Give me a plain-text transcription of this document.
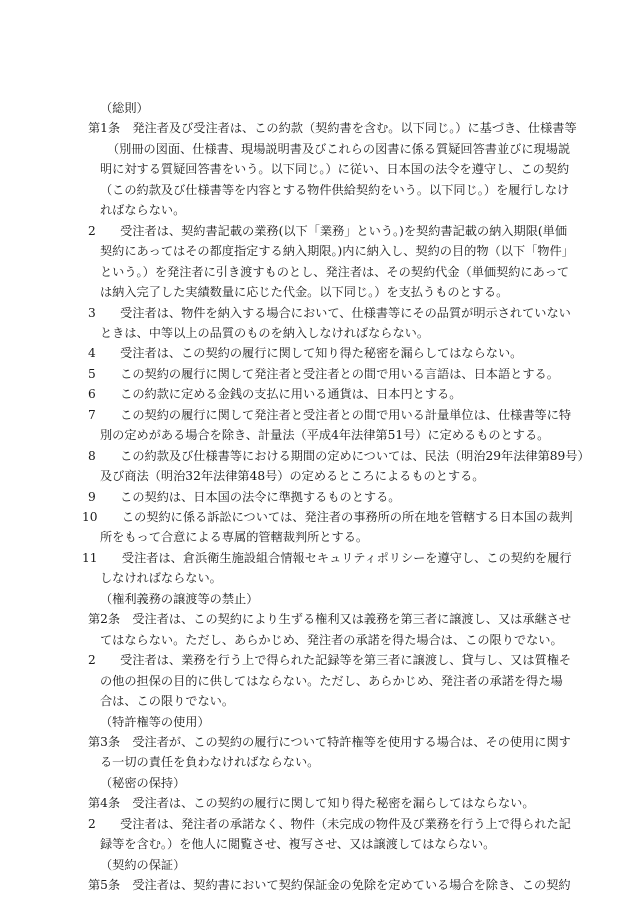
（総則）
第1条　発注者及び受注者は、この約款（契約書を含む。以下同じ。）に基づき、仕様書等
（別冊の図面、仕様書、現場説明書及びこれらの図書に係る質疑回答書並びに現場説
明に対する質疑回答書をいう。以下同じ。）に従い、日本国の法令を遵守し、この契約
（この約款及び仕様書等を内容とする物件供給契約をいう。以下同じ。）を履行しなけ
ればならない。
2　　受注者は、契約書記載の業務(以下「業務」という。)を契約書記載の納入期限(単価
契約にあってはその都度指定する納入期限。)内に納入し、契約の目的物（以下「物件」
という。）を発注者に引き渡すものとし、発注者は、その契約代金（単価契約にあって
は納入完了した実績数量に応じた代金。以下同じ。）を支払うものとする。
3　　受注者は、物件を納入する場合において、仕様書等にその品質が明示されていない
ときは、中等以上の品質のものを納入しなければならない。
4　　受注者は、この契約の履行に関して知り得た秘密を漏らしてはならない。
5　　この契約の履行に関して発注者と受注者との間で用いる言語は、日本語とする。
6　　この約款に定める金銭の支払に用いる通貨は、日本円とする。
7　　この契約の履行に関して発注者と受注者との間で用いる計量単位は、仕様書等に特
別の定めがある場合を除き、計量法（平成4年法律第51号）に定めるものとする。
8　　この約款及び仕様書等における期間の定めについては、民法（明治29年法律第89号）
及び商法（明治32年法律第48号）の定めるところによるものとする。
9　　この契約は、日本国の法令に準拠するものとする。
10　　この契約に係る訴訟については、発注者の事務所の所在地を管轄する日本国の裁判
所をもって合意による専属的管轄裁判所とする。
11　　受注者は、倉浜衛生施設組合情報セキュリティポリシーを遵守し、この契約を履行
しなければならない。
（権利義務の譲渡等の禁止）
第2条　受注者は、この契約により生ずる権利又は義務を第三者に譲渡し、又は承継させ
てはならない。ただし、あらかじめ、発注者の承諾を得た場合は、この限りでない。
2　　受注者は、業務を行う上で得られた記録等を第三者に譲渡し、貸与し、又は質権そ
の他の担保の目的に供してはならない。ただし、あらかじめ、発注者の承諾を得た場
合は、この限りでない。
（特許権等の使用）
第3条　受注者が、この契約の履行について特許権等を使用する場合は、その使用に関す
る一切の責任を負わなければならない。
（秘密の保持）
第4条　受注者は、この契約の履行に関して知り得た秘密を漏らしてはならない。
2　　受注者は、発注者の承諾なく、物件（未完成の物件及び業務を行う上で得られた記
録等を含む。）を他人に閲覧させ、複写させ、又は譲渡してはならない。
（契約の保証）
第5条　受注者は、契約書において契約保証金の免除を定めている場合を除き、この契約
